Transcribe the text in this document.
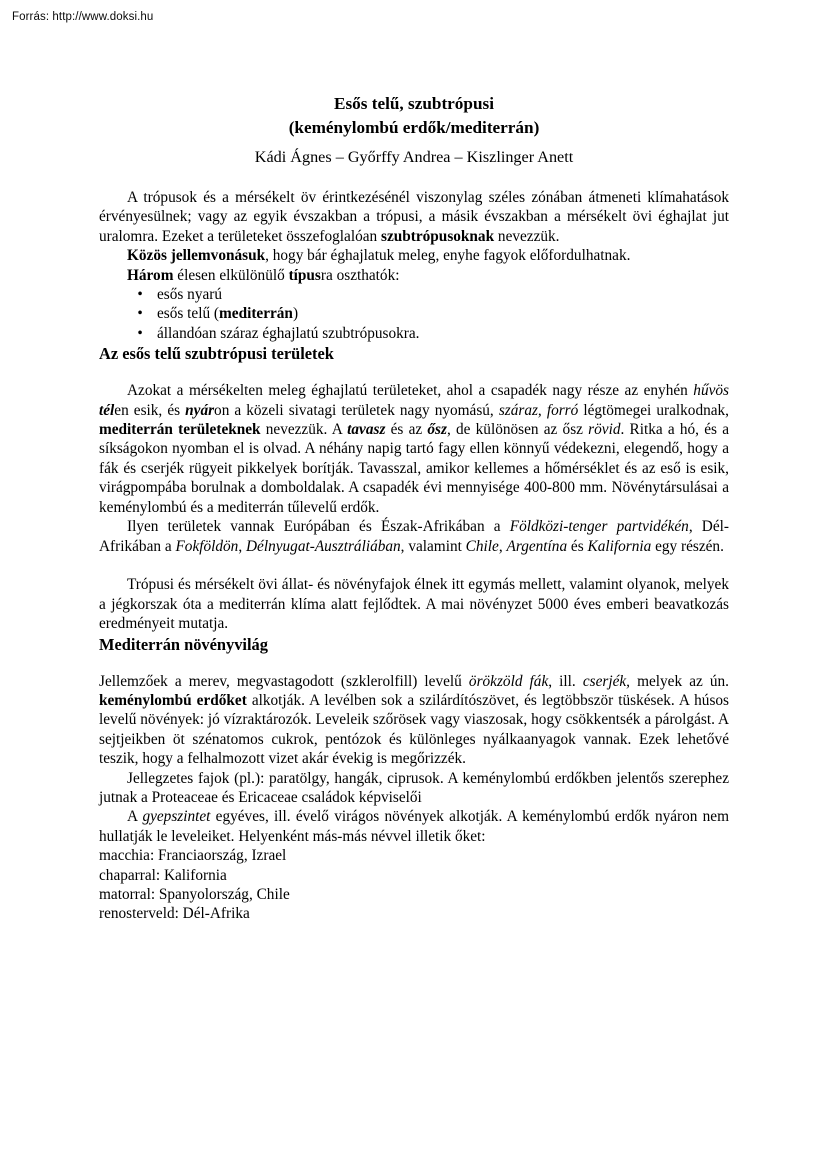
Forrás: http://www.doksi.hu
Esős telű, szubtrópusi
(keménylombú erdők/mediterrán)
Kádi Ágnes – Győrffy Andrea – Kiszlinger Anett

A trópusok és a mérsékelt öv érintkezésénél viszonylag széles zónában átmeneti klímahatások érvényesülnek; vagy az egyik évszakban a trópusi, a másik évszakban a mérsékelt övi éghajlat jut uralomra. Ezeket a területeket összefoglalóan szubtrópusoknak nevezzük.

Közös jellemvonásuk, hogy bár éghajlatuk meleg, enyhe fagyok előfordulhatnak.

Három élesen elkülönülő típusra oszthatók:

• esős nyarú
• esős telű (mediterrán)
• állandóan száraz éghajlatú szubtrópusokra.
Az esős telű szubtrópusi területek

Azokat a mérsékelten meleg éghajlatú területeket, ahol a csapadék nagy része az enyhén hűvös télen esik, és nyáron a közeli sivatagi területek nagy nyomású, száraz, forró légtömegei uralkodnak, mediterrán területeknek nevezzük. A tavasz és az ősz, de különösen az ősz rövid. Ritka a hó, és a síkságokon nyomban el is olvad. A néhány napig tartó fagy ellen könnyű védekezni, elegendő, hogy a fák és cserjék rügyeit pikkelyek borítják. Tavasszal, amikor kellemes a hőmérséklet és az eső is esik, virágpompába borulnak a domboldalak. A csapadék évi mennyisége 400-800 mm. Növénytársulásai a keménylombú és a mediterrán tűlevelű erdők.

Ilyen területek vannak Európában és Észak-Afrikában a Földközi-tenger partvidékén, Dél-Afrikában a Fokföldön, Délnyugat-Ausztráliában, valamint Chile, Argentína és Kalifornia egy részén.

Trópusi és mérsékelt övi állat- és növényfajok élnek itt egymás mellett, valamint olyanok, melyek a jégkorszak óta a mediterrán klíma alatt fejlődtek. A mai növényzet 5000 éves emberi beavatkozás eredményeit mutatja.

Mediterrán növényvilág

Jellemzőek a merev, megvastagodott (szklerolfill) levelű örökzöld fák, ill. cserjék, melyek az ún. keménylombú erdőket alkotják. A levélben sok a szilárdítószövet, és legtöbbször tüskések. A húsos levelű növények: jó vízraktározók. Leveleik szőrösek vagy viaszosak, hogy csökkentsék a párolgást. A sejtjeikben öt szénatomos cukrok, pentózok és különleges nyálkaanyagok vannak. Ezek lehetővé teszik, hogy a felhalmozott vizet akár évekig is megőrizzék.

Jellegzetes fajok (pl.): paratölgy, hangák, ciprusok. A keménylombú erdőkben jelentős szerephez jutnak a Proteaceae és Ericaceae családok képviselői

A gyepszintet egyéves, ill. évelő virágos növények alkotják. A keménylombú erdők nyáron nem hullatják le leveleiket. Helyenként más-más névvel illetik őket:

macchia: Franciaország, Izrael
chaparral: Kalifornia
matorral: Spanyolország, Chile
renosterveld: Dél-Afrika
